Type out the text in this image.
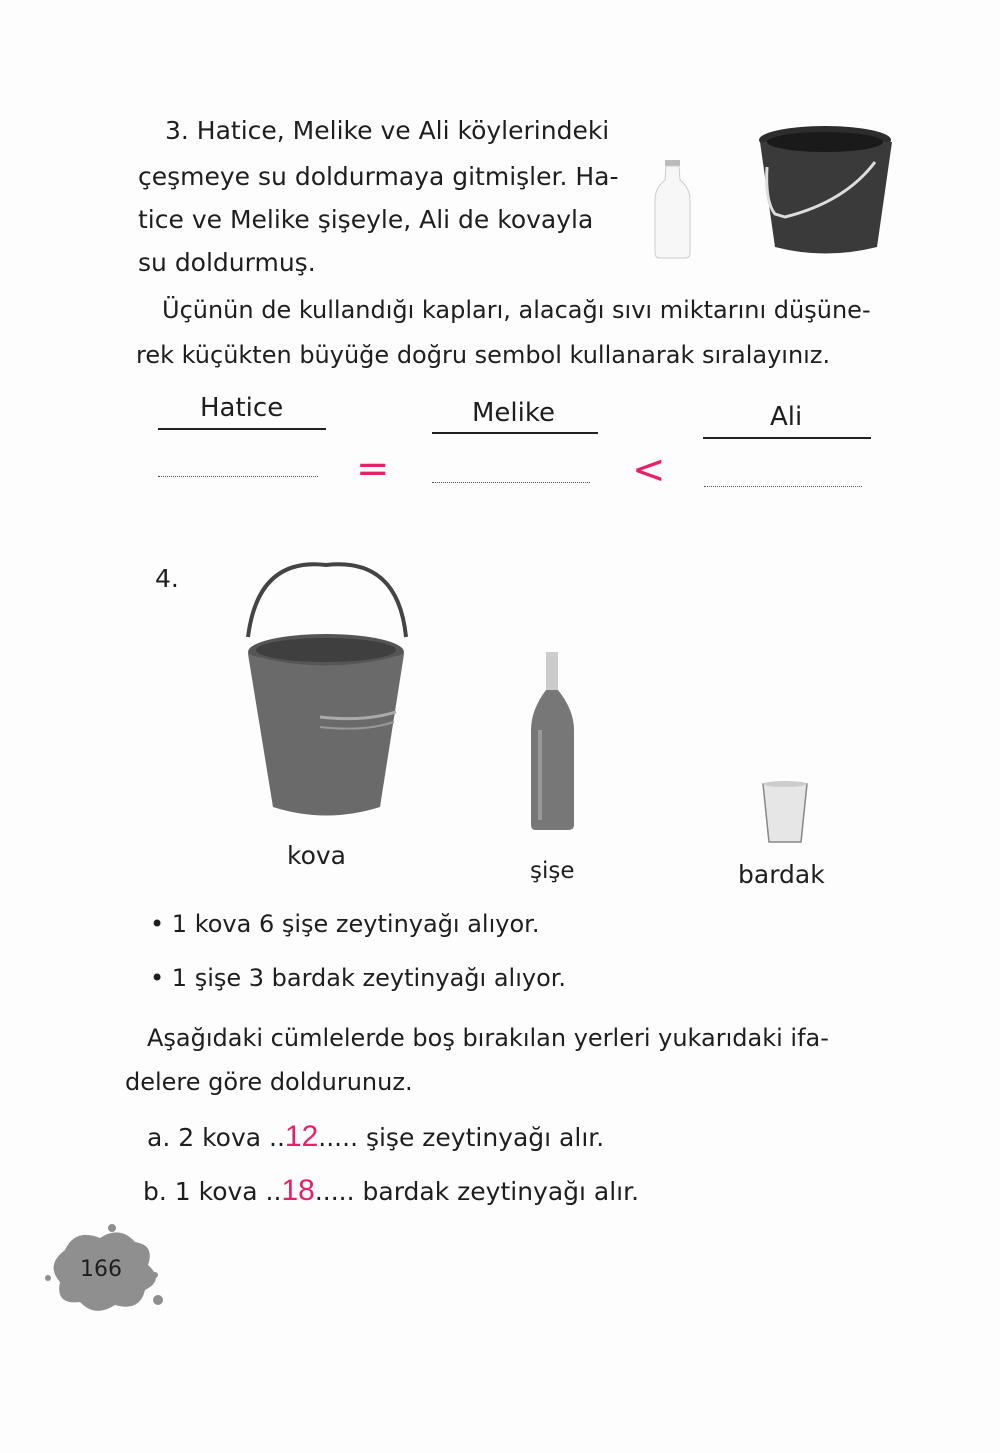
3. Hatice, Melike ve Ali köylerindeki
çeşmeye su doldurmaya gitmişler. Ha-
tice ve Melike şişeyle, Ali de kovayla
su doldurmuş.
Üçünün de kullandığı kapları, alacağı sıvı miktarını düşüne-
rek küçükten büyüğe doğru sembol kullanarak sıralayınız.
Hatice	Melike	Ali
=	<
4.
kova
şişe	bardak
• 1 kova 6 şişe zeytinyağı alıyor.
• 1 şişe 3 bardak zeytinyağı alıyor.
Aşağıdaki cümlelerde boş bırakılan yerleri yukarıdaki ifa-
delere göre doldurunuz.
a. 2 kova ..12..... şişe zeytinyağı alır.
b. 1 kova ..18..... bardak zeytinyağı alır.
166
